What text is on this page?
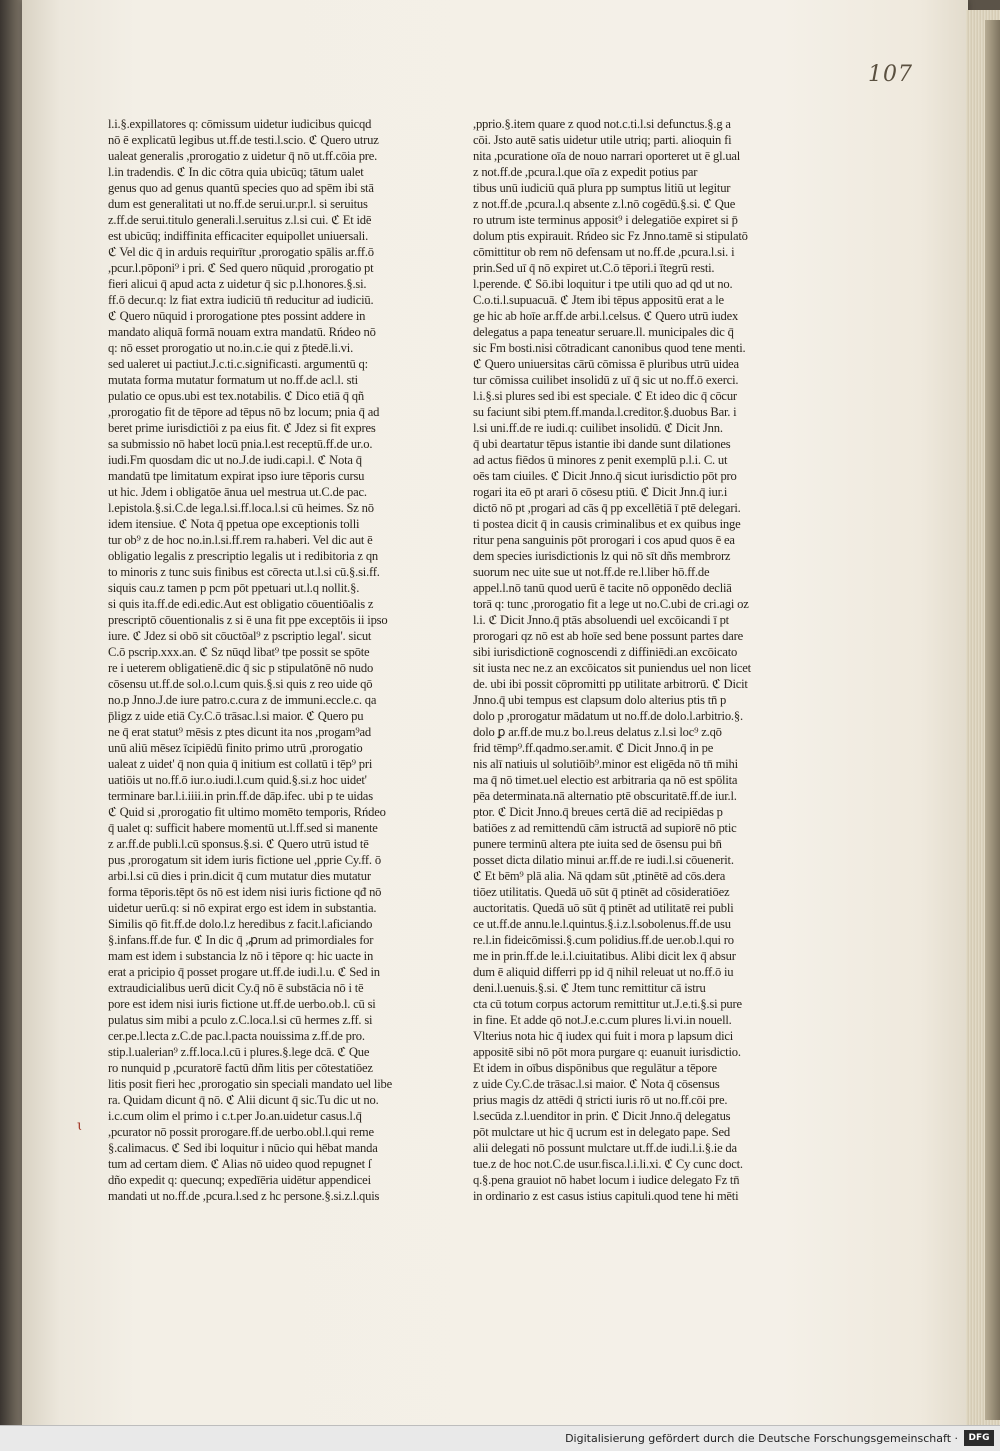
107
l.i.§.expillatores q: cōmissum uidetur iudicibus quicqd
nō ē explicatū legibus ut.ff.de testi.l.scio. ℭ Quero utruz
ualeat generalis ,prorogatio z uidetur q̄ nō ut.ff.cōia pre.
l.in tradendis. ℭ In dic cōtra quia ubicūq; tātum ualet
genus quo ad genus quantū species quo ad spēm ibi stā
dum est generalitati ut no.ff.de serui.ur.pr.l. si seruitus
z.ff.de serui.titulo generali.l.seruitus z.l.si cui. ℭ Et idē
est ubicūq; indiffinita efficaciter equipollet uniuersali.
ℭ Vel dic q̄ in arduis requirītur ,prorogatio spālis ar.ff.ō
,pcur.l.pōponi⁹ i pri. ℭ Sed quero nūquid ,prorogatio pt
fieri alicui q̄ apud acta z uidetur q̄ sic p.l.honores.§.si.
ff.ō decur.q: lz fiat extra iudiciū tn̄ reducitur ad iudiciū.
ℭ Quero nūquid i prorogatione ptes possint addere in
mandato aliquā formā nouam extra mandatū. Rńdeo nō
q: nō esset prorogatio ut no.in.c.ie qui z p̄tedē.li.vi.
sed ualeret ui pactiut.J.c.ti.c.significasti. argumentū q:
mutata forma mutatur formatum ut no.ff.de acl.l. sti
pulatio ce opus.ubi est tex.notabilis. ℭ Dico etiā q̄ qñ
,prorogatio fit de tēpore ad tēpus nō bz locum; pnia q̄ ad
beret prime iurisdictiōi z pa eius fit. ℭ Jdez si fit expres
sa submissio nō habet locū pnia.l.est receptū.ff.de ur.o.
iudi.Fm quosdam dic ut no.J.de iudi.capi.l. ℭ Nota q̄
mandatū tpe limitatum expirat ipso iure tēporis cursu
ut hic. Jdem i obligatōe ānua uel mestrua ut.C.de pac.
l.epistola.§.si.C.de lega.l.si.ff.loca.l.si cū heimes. Sz nō
idem itensiue. ℭ Nota q̄ ppetua ope exceptionis tolli
tur ob⁹ z de hoc no.in.l.si.ff.rem ra.haberi. Vel dic aut ē
obligatio legalis z prescriptio legalis ut i redibitoria z qn
to minoris z tunc suis finibus est cōrecta ut.l.si cū.§.si.ff.
siquis cau.z tamen p pcm pōt ppetuari ut.l.q nollit.§.
si quis ita.ff.de edi.edic.Aut est obligatio cōuentiōalis z
prescriptō cōuentionalis z si ē una fit ppe exceptōis ii ipso
iure. ℭ Jdez si obō sit cōuctōal⁹ z pscriptio legal'. sicut
C.ō pscrip.xxx.an. ℭ Sz nūqd libat⁹ tpe possit se spōte
re i ueterem obligatienē.dic q̄ sic p stipulatōnē nō nudo
cōsensu ut.ff.de sol.o.l.cum quis.§.si quis z reo uide qō
no.p Jnno.J.de iure patro.c.cura z de immuni.eccle.c. qa
p̄ligz z uide etiā Cy.C.ō trāsac.l.si maior. ℭ Quero pu
ne q̄ erat statut⁹ mēsis z ptes dicunt ita nos ,progam⁹ad
unū aliū mēsez īcipiēdū finito primo utrū ,prorogatio
ualeat z uidet' q̄ non quia q̄ initium est collatū i tēp⁹ pri
uatiōis ut no.ff.ō iur.o.iudi.l.cum quid.§.si.z hoc uidet'
terminare bar.l.i.iiii.in prin.ff.de dāp.ifec. ubi p te uidas
ℭ Quid si ,prorogatio fit ultimo momēto temporis, Rńdeo
q̄ ualet q: sufficit habere momentū ut.l.ff.sed si manente
z ar.ff.de publi.l.cū sponsus.§.si. ℭ Quero utrū istud tē
pus ,prorogatum sit idem iuris fictione uel ,pprie Cy.ff. ō
arbi.l.si cū dies i prin.dicit q̄ cum mutatur dies mutatur
forma tēporis.tēpt ōs nō est idem nisi iuris fictione qđ nō
uidetur uerū.q: si nō expirat ergo est idem in substantia.
Similis qō fit.ff.de dolo.l.z heredibus z facit.l.aficiando
§.infans.ff.de fur. ℭ In dic q̄ ,ꝓrum ad primordiales for
mam est idem i substancia lz nō i tēpore q: hic uacte in
erat a pricipio q̄ posset progare ut.ff.de iudi.l.u. ℭ Sed in
extraudicialibus uerū dicit Cy.q̄ nō ē substācia nō i tē
pore est idem nisi iuris fictione ut.ff.de uerbo.ob.l. cū si
pulatus sim mibi a pculo z.C.loca.l.si cū hermes z.ff. si
cer.pe.l.lecta z.C.de pac.l.pacta nouissima z.ff.de pro.
stip.l.ualerian⁹ z.ff.loca.l.cū i plures.§.lege dcā. ℭ Que
ro nunquid p ,pcuratorē factū dñm litis per cōtestatiōez
litis posit fieri hec ,prorogatio sin speciali mandato uel libe
ra. Quidam dicunt q̄ nō. ℭ Alii dicunt q̄ sic.Tu dic ut no.
i.c.cum olim el primo i c.t.per Jo.an.uidetur casus.l.q̄
,pcurator nō possit prorogare.ff.de uerbo.obl.l.qui reme
§.calimacus. ℭ Sed ibi loquitur i nūcio qui hēbat manda
tum ad certam diem. ℭ Alias nō uideo quod repugnet ſ
dño expedit q: quecunq; expedīēria uidētur appendicei
mandati ut no.ff.de ,pcura.l.sed z hc persone.§.si.z.l.quis
,pprio.§.item quare z quod not.c.ti.l.si defunctus.§.g a
cōi. Jsto autē satis uidetur utile utriq; parti. alioquin fi
nita ,pcuratione oīa de nouo narrari oporteret ut ē gl.ual
z not.ff.de ,pcura.l.que oīa z expedit potius par
tibus unū iudiciū quā plura pp sumptus litiū ut legitur
z not.ff.de ,pcura.l.q absente z.l.nō cogēdū.§.si. ℭ Que
ro utrum iste terminus apposit⁹ i delegatiōe expiret si p̄
dolum ptis expirauit. Rńdeo sic Fz Jnno.tamē si stipulatō
cōmittitur ob rem nō defensam ut no.ff.de ,pcura.l.si. i
prin.Sed uī q̄ nō expiret ut.C.ō tēpori.i ītegrū resti.
l.perende. ℭ Sō.ibi loquitur i tpe utili quo ad qd ut no.
C.o.ti.l.supuacuā. ℭ Jtem ibi tēpus appositū erat a le
ge hic ab hoīe ar.ff.de arbi.l.celsus. ℭ Quero utrū iudex
delegatus a papa teneatur seruare.ll. municipales dic q̄
sic Fm bosti.nisi cōtradicant canonibus quod tene menti.
ℭ Quero uniuersitas cārū cōmissa ē pluribus utrū uidea
tur cōmissa cuilibet insolidū z uī q̄ sic ut no.ff.ō exerci.
l.i.§.si plures sed ibi est speciale. ℭ Et ideo dic q̄ cōcur
su faciunt sibi ptem.ff.manda.l.creditor.§.duobus Bar. i
l.si uni.ff.de re iudi.q: cuilibet insolidū. ℭ Dicit Jnn.
q̄ ubi deartatur tēpus istantie ibi dande sunt dilationes
ad actus fiēdos ū minores z penit exemplū p.l.i. C. ut
oēs tam ciuiles. ℭ Dicit Jnno.q̄ sicut iurisdictio pōt pro
rogari ita eō pt arari ō cōsesu ptiū. ℭ Dicit Jnn.q̄ iur.i
dictō nō pt ,progari ad cās q̄ pp excellētiā ī ptē delegari.
ti postea dicit q̄ in causis criminalibus et ex quibus inge
ritur pena sanguinis pōt prorogari i cos apud quos ē ea
dem species iurisdictionis lz qui nō sīt dñs membrorz
suorum nec uite sue ut not.ff.de re.l.liber hō.ff.de
appel.l.nō tanū quod uerū ē tacite nō opponēdo decliā
torā q: tunc ,prorogatio fit a lege ut no.C.ubi de cri.agi oz
l.i. ℭ Dicit Jnno.q̄ ptās absoluendi uel excōicandi ī pt
prorogari qz nō est ab hoīe sed bene possunt partes dare
sibi iurisdictionē cognoscendi z diffiniēdi.an excōicato
sit iusta nec ne.z an excōicatos sit puniendus uel non licet
de. ubi ibi possit cōpromitti pp utilitate arbitrorū. ℭ Dicit
Jnno.q̄ ubi tempus est clapsum dolo alterius ptis tn̄ p
dolo p ,prorogatur mādatum ut no.ff.de dolo.l.arbitrio.§.
dolo ꝑ ar.ff.de mu.z bo.l.reus delatus z.l.si loc⁹ z.qō
frid tēmp⁹.ff.qadmo.ser.amit. ℭ Dicit Jnno.q̄ in pe
nis alī natiuis ul solutiōib⁹.minor est eligēda nō tn̄ mihi
ma q̄ nō timet.uel electio est arbitraria qa nō est spōlita
pēa determinata.nā alternatio ptē obscuritatē.ff.de iur.l.
ptor. ℭ Dicit Jnno.q̄ breues certā diē ad recipiēdas p
batiōes z ad remittendū cām istructā ad supiorē nō ptic
punere terminū altera pte iuita sed de ōsensu pui bn̄
posset dicta dilatio minui ar.ff.de re iudi.l.si cōuenerit.
ℭ Et bēm⁹ plā alia. Nā qdam sūt ,ptinētē ad cōs.dera
tiōez utilitatis. Quedā uō sūt q̄ ptinēt ad cōsideratiōez
auctoritatis. Quedā uō sūt q̄ ptinēt ad utilitatē rei publi
ce ut.ff.de annu.le.l.quintus.§.i.z.l.sobolenus.ff.de usu
re.l.in fideicōmissi.§.cum polidius.ff.de uer.ob.l.qui ro
me in prin.ff.de le.i.l.ciuitatibus. Alibi dicit lex q̄ absur
dum ē aliquid differri pp id q̄ nihil releuat ut no.ff.ō iu
deni.l.uenuis.§.si. ℭ Jtem tunc remittitur cā istru
cta cū totum corpus actorum remittitur ut.J.e.ti.§.si pure
in fine. Et adde qō not.J.e.c.cum plures li.vi.in nouell.
Vlterius nota hic q̄ iudex qui fuit i mora p lapsum dici
appositē sibi nō pōt mora purgare q: euanuit iurisdictio.
Et idem in oībus dispōnibus que regulātur a tēpore
z uide Cy.C.de trāsac.l.si maior. ℭ Nota q̄ cōsensus
prius magis dz attēdi q̄ stricti iuris rō ut no.ff.cōi pre.
l.secūda z.l.uenditor in prin. ℭ Dicit Jnno.q̄ delegatus
pōt mulctare ut hic q̄ ucrum est in delegato pape. Sed
alii delegati nō possunt mulctare ut.ff.de iudi.l.i.§.ie da
tue.z de hoc not.C.de usur.fisca.l.i.li.xi. ℭ Cy cunc doct.
q.§.pena grauiot nō habet locum i iudice delegato Fz tn̄
in ordinario z est casus istius capituli.quod tene hi mēti
ɩ
Digitalisierung gefördert durch die Deutsche Forschungsgemeinschaft ·	DFG
